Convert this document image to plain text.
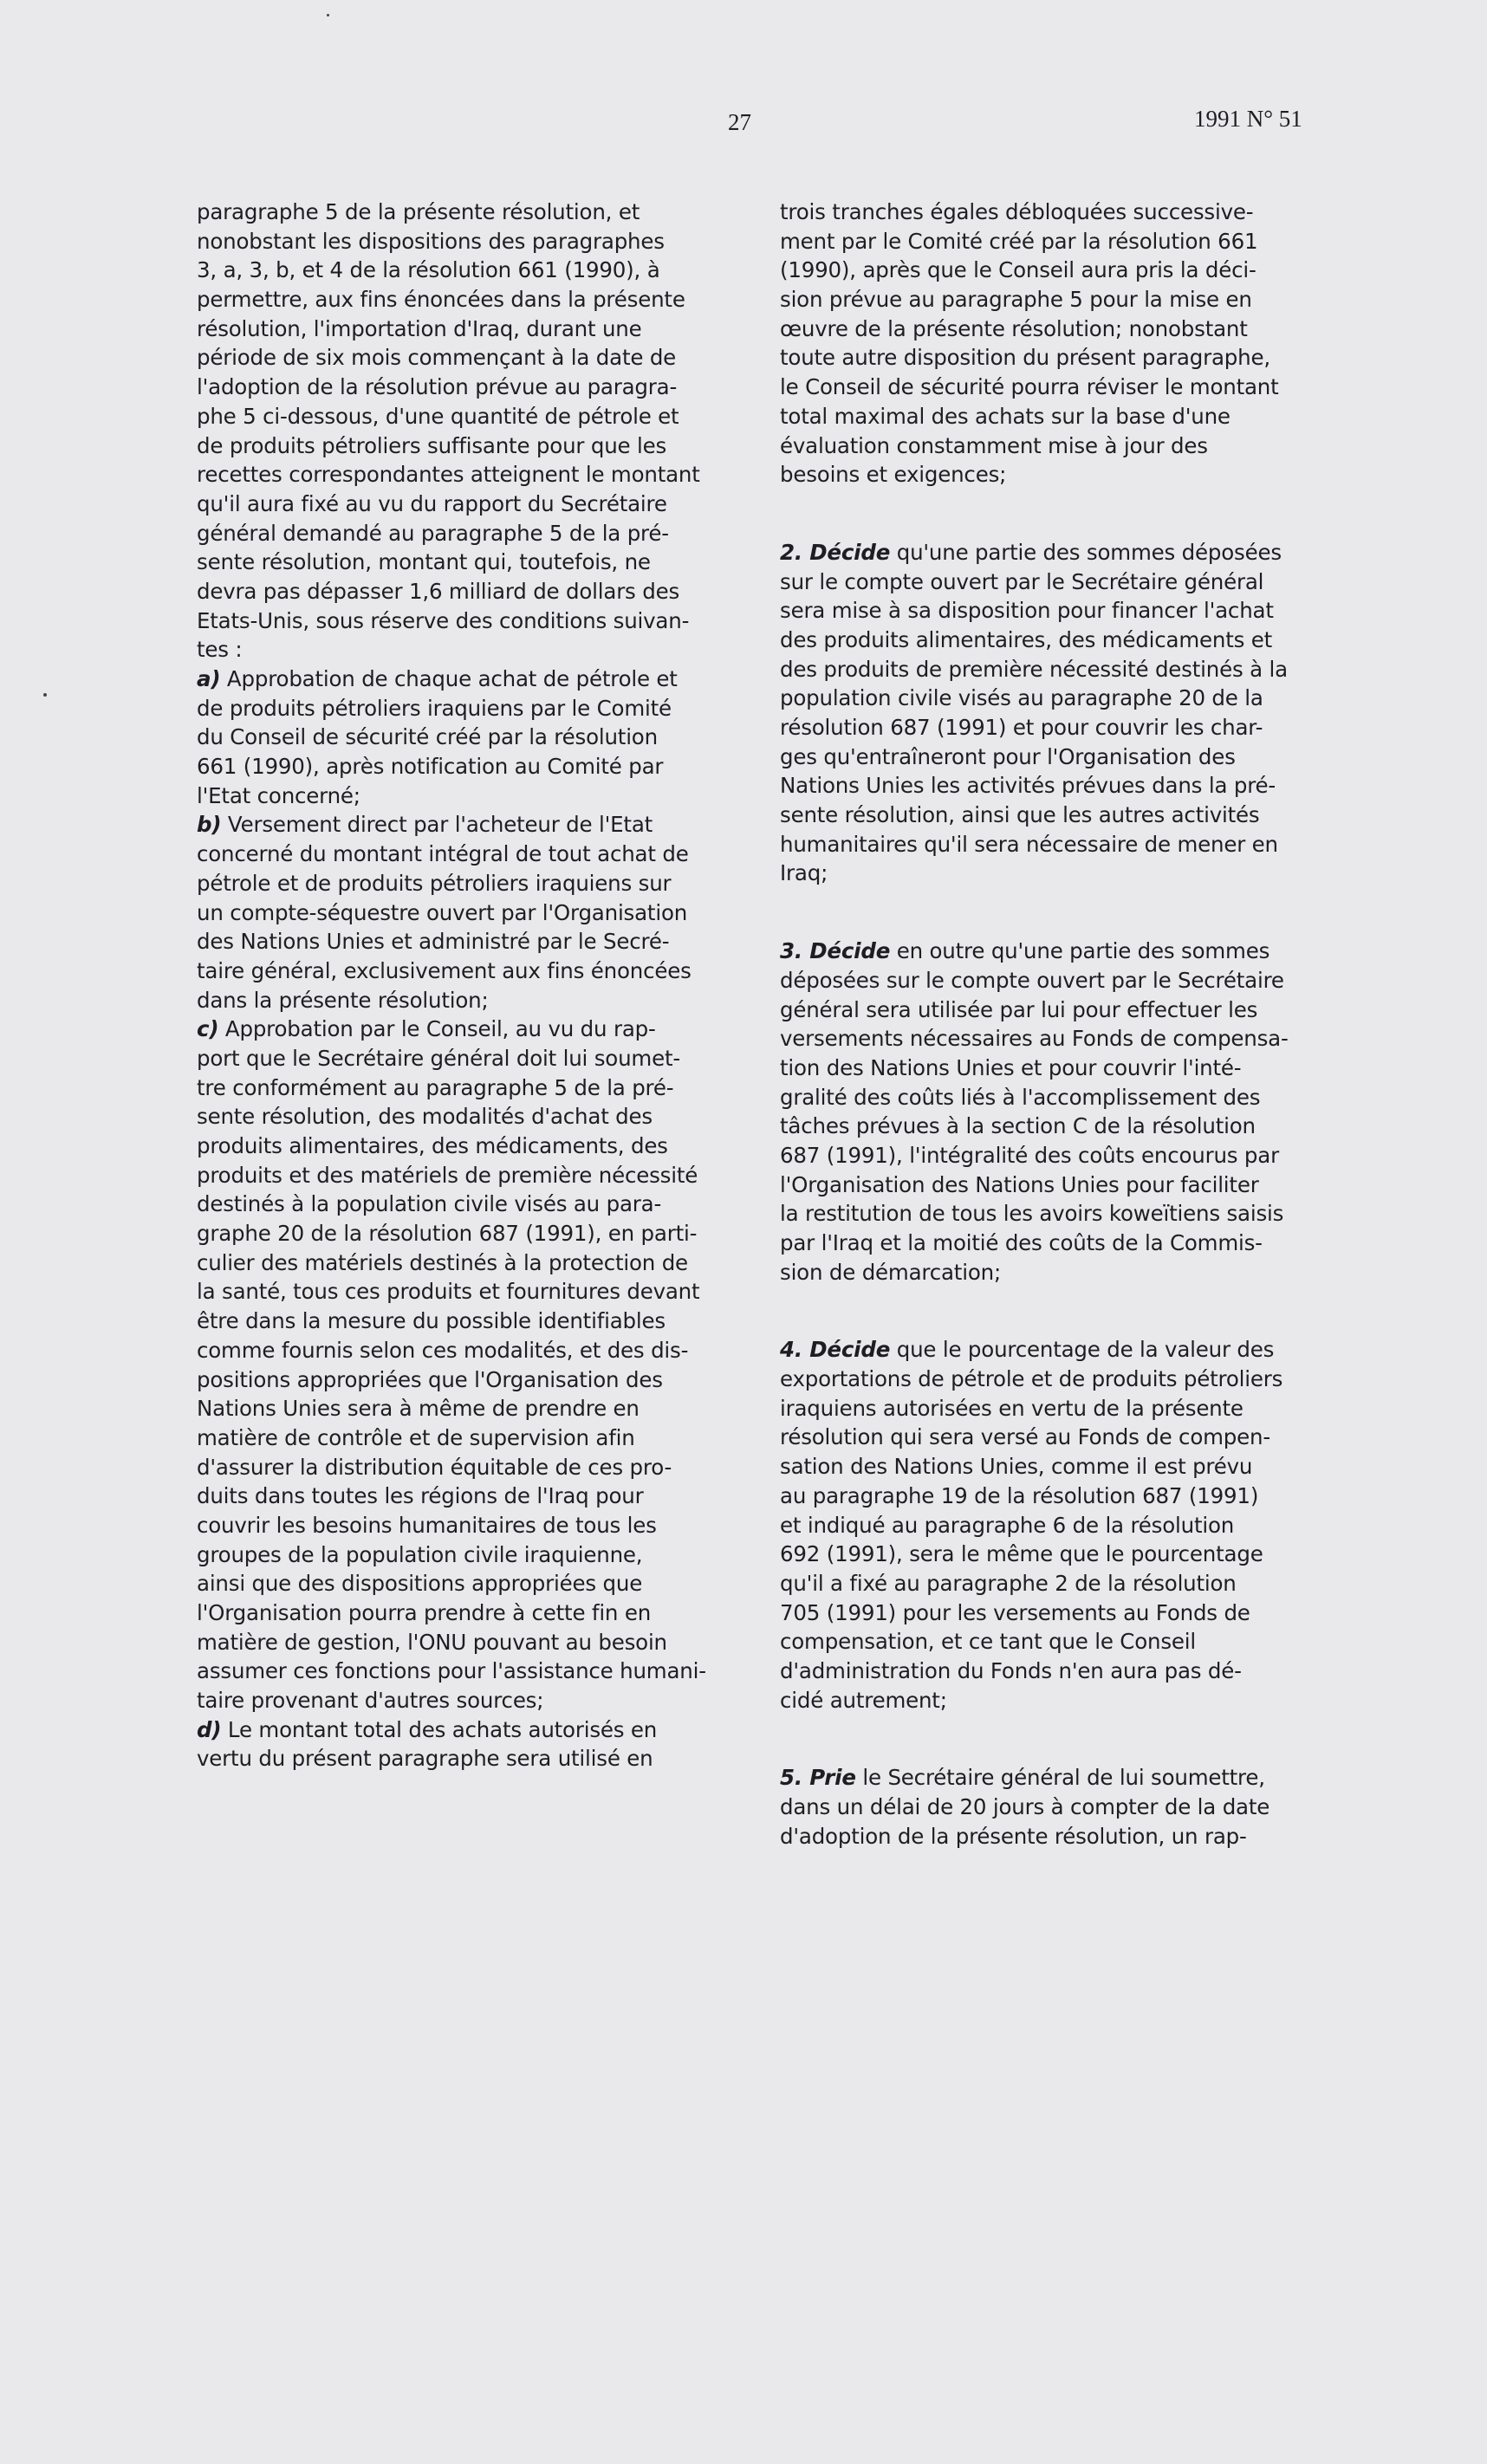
27	1991 N° 51
paragraphe 5 de la présente résolution, et
nonobstant les dispositions des paragraphes
3, a, 3, b, et 4 de la résolution 661 (1990), à
permettre, aux fins énoncées dans la présente
résolution, l'importation d'Iraq, durant une
période de six mois commençant à la date de
l'adoption de la résolution prévue au paragra-
phe 5 ci-dessous, d'une quantité de pétrole et
de produits pétroliers suffisante pour que les
recettes correspondantes atteignent le montant
qu'il aura fixé au vu du rapport du Secrétaire
général demandé au paragraphe 5 de la pré-
sente résolution, montant qui, toutefois, ne
devra pas dépasser 1,6 milliard de dollars des
Etats-Unis, sous réserve des conditions suivan-
tes :
a) Approbation de chaque achat de pétrole et
de produits pétroliers iraquiens par le Comité
du Conseil de sécurité créé par la résolution
661 (1990), après notification au Comité par
l'Etat concerné;
b) Versement direct par l'acheteur de l'Etat
concerné du montant intégral de tout achat de
pétrole et de produits pétroliers iraquiens sur
un compte-séquestre ouvert par l'Organisation
des Nations Unies et administré par le Secré-
taire général, exclusivement aux fins énoncées
dans la présente résolution;
c) Approbation par le Conseil, au vu du rap-
port que le Secrétaire général doit lui soumet-
tre conformément au paragraphe 5 de la pré-
sente résolution, des modalités d'achat des
produits alimentaires, des médicaments, des
produits et des matériels de première nécessité
destinés à la population civile visés au para-
graphe 20 de la résolution 687 (1991), en parti-
culier des matériels destinés à la protection de
la santé, tous ces produits et fournitures devant
être dans la mesure du possible identifiables
comme fournis selon ces modalités, et des dis-
positions appropriées que l'Organisation des
Nations Unies sera à même de prendre en
matière de contrôle et de supervision afin
d'assurer la distribution équitable de ces pro-
duits dans toutes les régions de l'Iraq pour
couvrir les besoins humanitaires de tous les
groupes de la population civile iraquienne,
ainsi que des dispositions appropriées que
l'Organisation pourra prendre à cette fin en
matière de gestion, l'ONU pouvant au besoin
assumer ces fonctions pour l'assistance humani-
taire provenant d'autres sources;
d) Le montant total des achats autorisés en
vertu du présent paragraphe sera utilisé en
trois tranches égales débloquées successive-
ment par le Comité créé par la résolution 661
(1990), après que le Conseil aura pris la déci-
sion prévue au paragraphe 5 pour la mise en
œuvre de la présente résolution; nonobstant
toute autre disposition du présent paragraphe,
le Conseil de sécurité pourra réviser le montant
total maximal des achats sur la base d'une
évaluation constamment mise à jour des
besoins et exigences;
2. Décide qu'une partie des sommes déposées
sur le compte ouvert par le Secrétaire général
sera mise à sa disposition pour financer l'achat
des produits alimentaires, des médicaments et
des produits de première nécessité destinés à la
population civile visés au paragraphe 20 de la
résolution 687 (1991) et pour couvrir les char-
ges qu'entraîneront pour l'Organisation des
Nations Unies les activités prévues dans la pré-
sente résolution, ainsi que les autres activités
humanitaires qu'il sera nécessaire de mener en
Iraq;
3. Décide en outre qu'une partie des sommes
déposées sur le compte ouvert par le Secrétaire
général sera utilisée par lui pour effectuer les
versements nécessaires au Fonds de compensa-
tion des Nations Unies et pour couvrir l'inté-
gralité des coûts liés à l'accomplissement des
tâches prévues à la section C de la résolution
687 (1991), l'intégralité des coûts encourus par
l'Organisation des Nations Unies pour faciliter
la restitution de tous les avoirs koweïtiens saisis
par l'Iraq et la moitié des coûts de la Commis-
sion de démarcation;
4. Décide que le pourcentage de la valeur des
exportations de pétrole et de produits pétroliers
iraquiens autorisées en vertu de la présente
résolution qui sera versé au Fonds de compen-
sation des Nations Unies, comme il est prévu
au paragraphe 19 de la résolution 687 (1991)
et indiqué au paragraphe 6 de la résolution
692 (1991), sera le même que le pourcentage
qu'il a fixé au paragraphe 2 de la résolution
705 (1991) pour les versements au Fonds de
compensation, et ce tant que le Conseil
d'administration du Fonds n'en aura pas dé-
cidé autrement;
5. Prie le Secrétaire général de lui soumettre,
dans un délai de 20 jours à compter de la date
d'adoption de la présente résolution, un rap-
